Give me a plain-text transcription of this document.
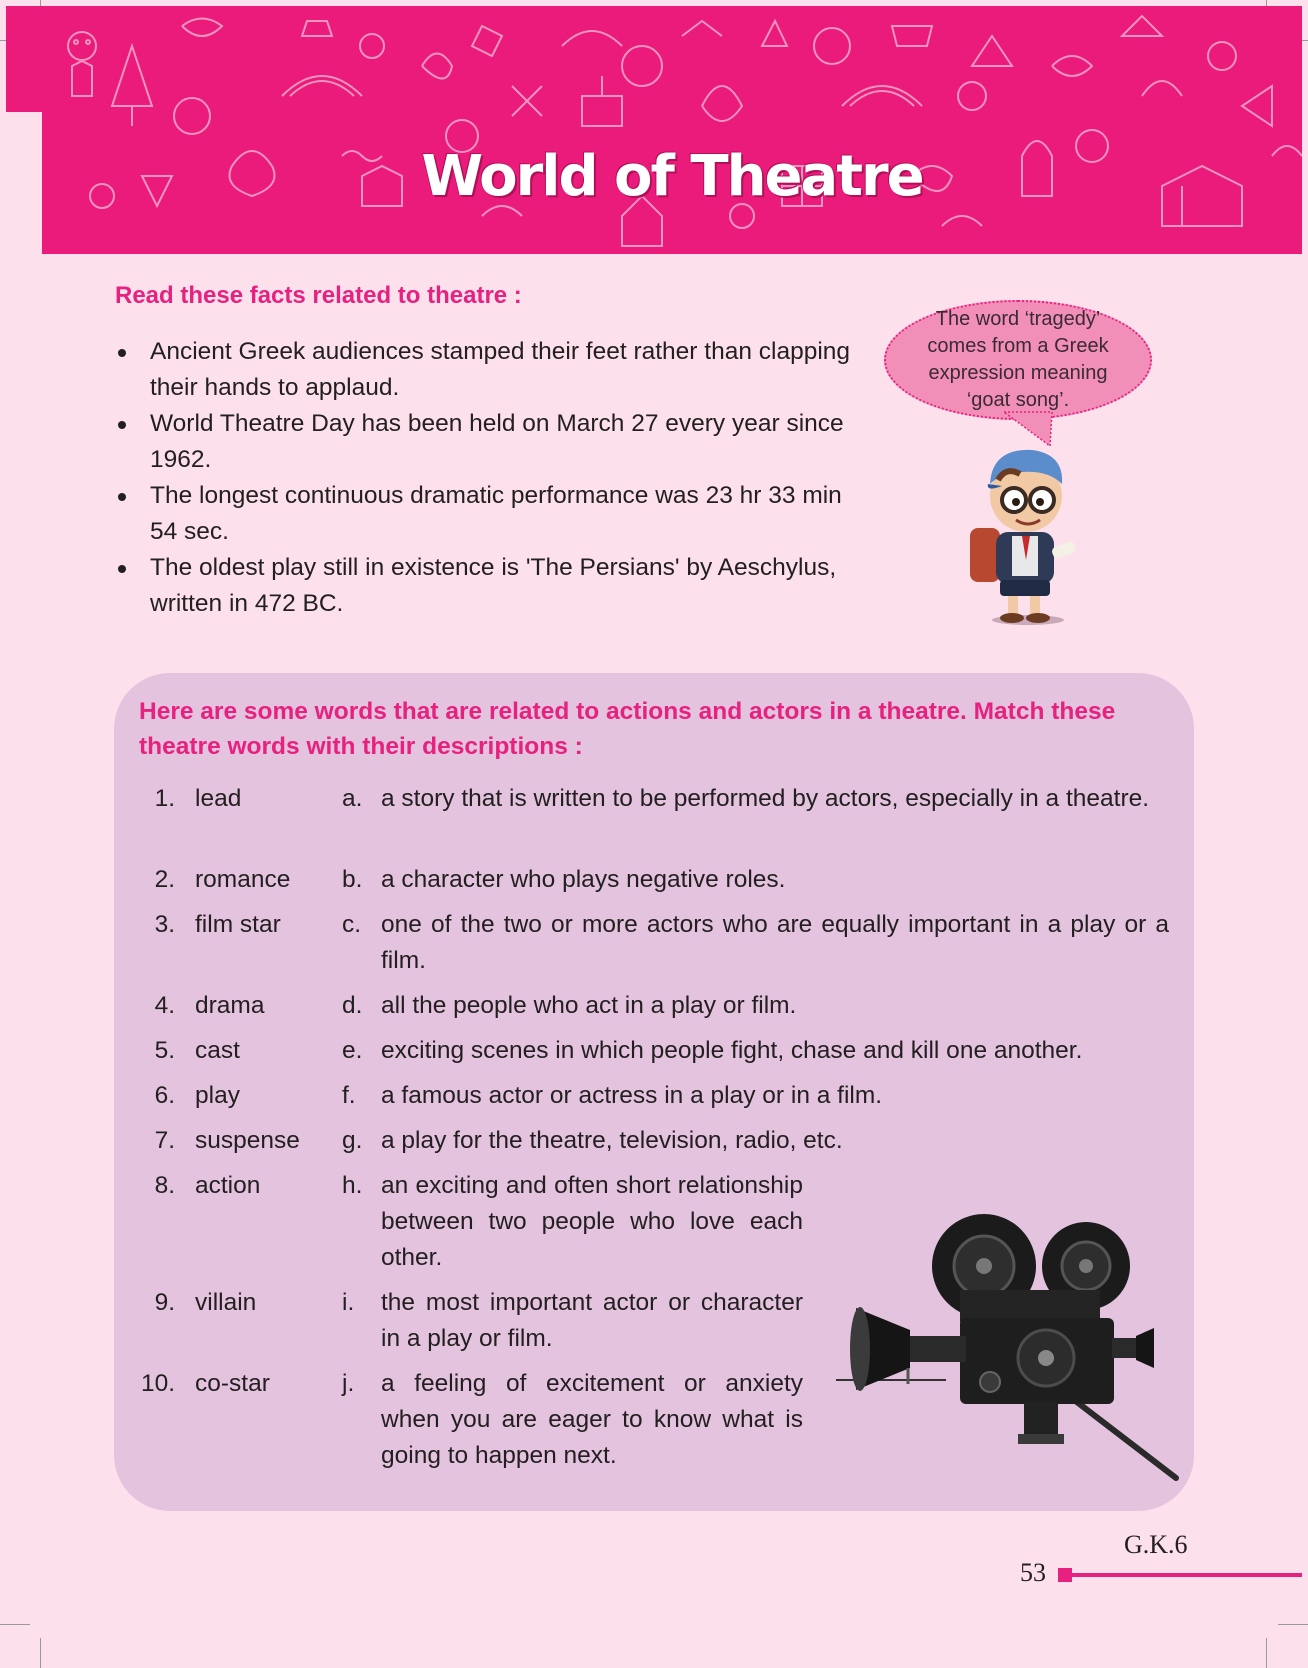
World of Theatre
Read these facts related to theatre :
Ancient Greek audiences stamped their feet rather than clapping their hands to applaud.
World Theatre Day has been held on March 27 every year since 1962.
The longest continuous dramatic performance was 23 hr 33 min 54 sec.
The oldest play still in existence is 'The Persians' by Aeschylus, written in 472 BC.
The word ‘tragedy’ comes from a Greek expression meaning ‘goat song’.
Here are some words that are related to actions and actors in a theatre. Match these theatre words with their descriptions :
1. lead	a. a story that is written to be performed by actors, especially in a theatre.
2. romance b. a character who plays negative roles.
3. film star	c. one of the two or more actors who are equally important in a play or a film.
4. drama	d. all the people who act in a play or film.
5. cast	e. exciting scenes in which people fight, chase and kill one another.
6. play	f. a famous actor or actress in a play or in a film.
7. suspense g. a play for the theatre, television, radio, etc.
8. action	h. an exciting and often short relationship between two people who love each other.
9. villain	i. the most important actor or character in a play or film.
10. co-star	j. a feeling of excitement or anxiety when you are eager to know what is going to happen next.
G.K.6
53
